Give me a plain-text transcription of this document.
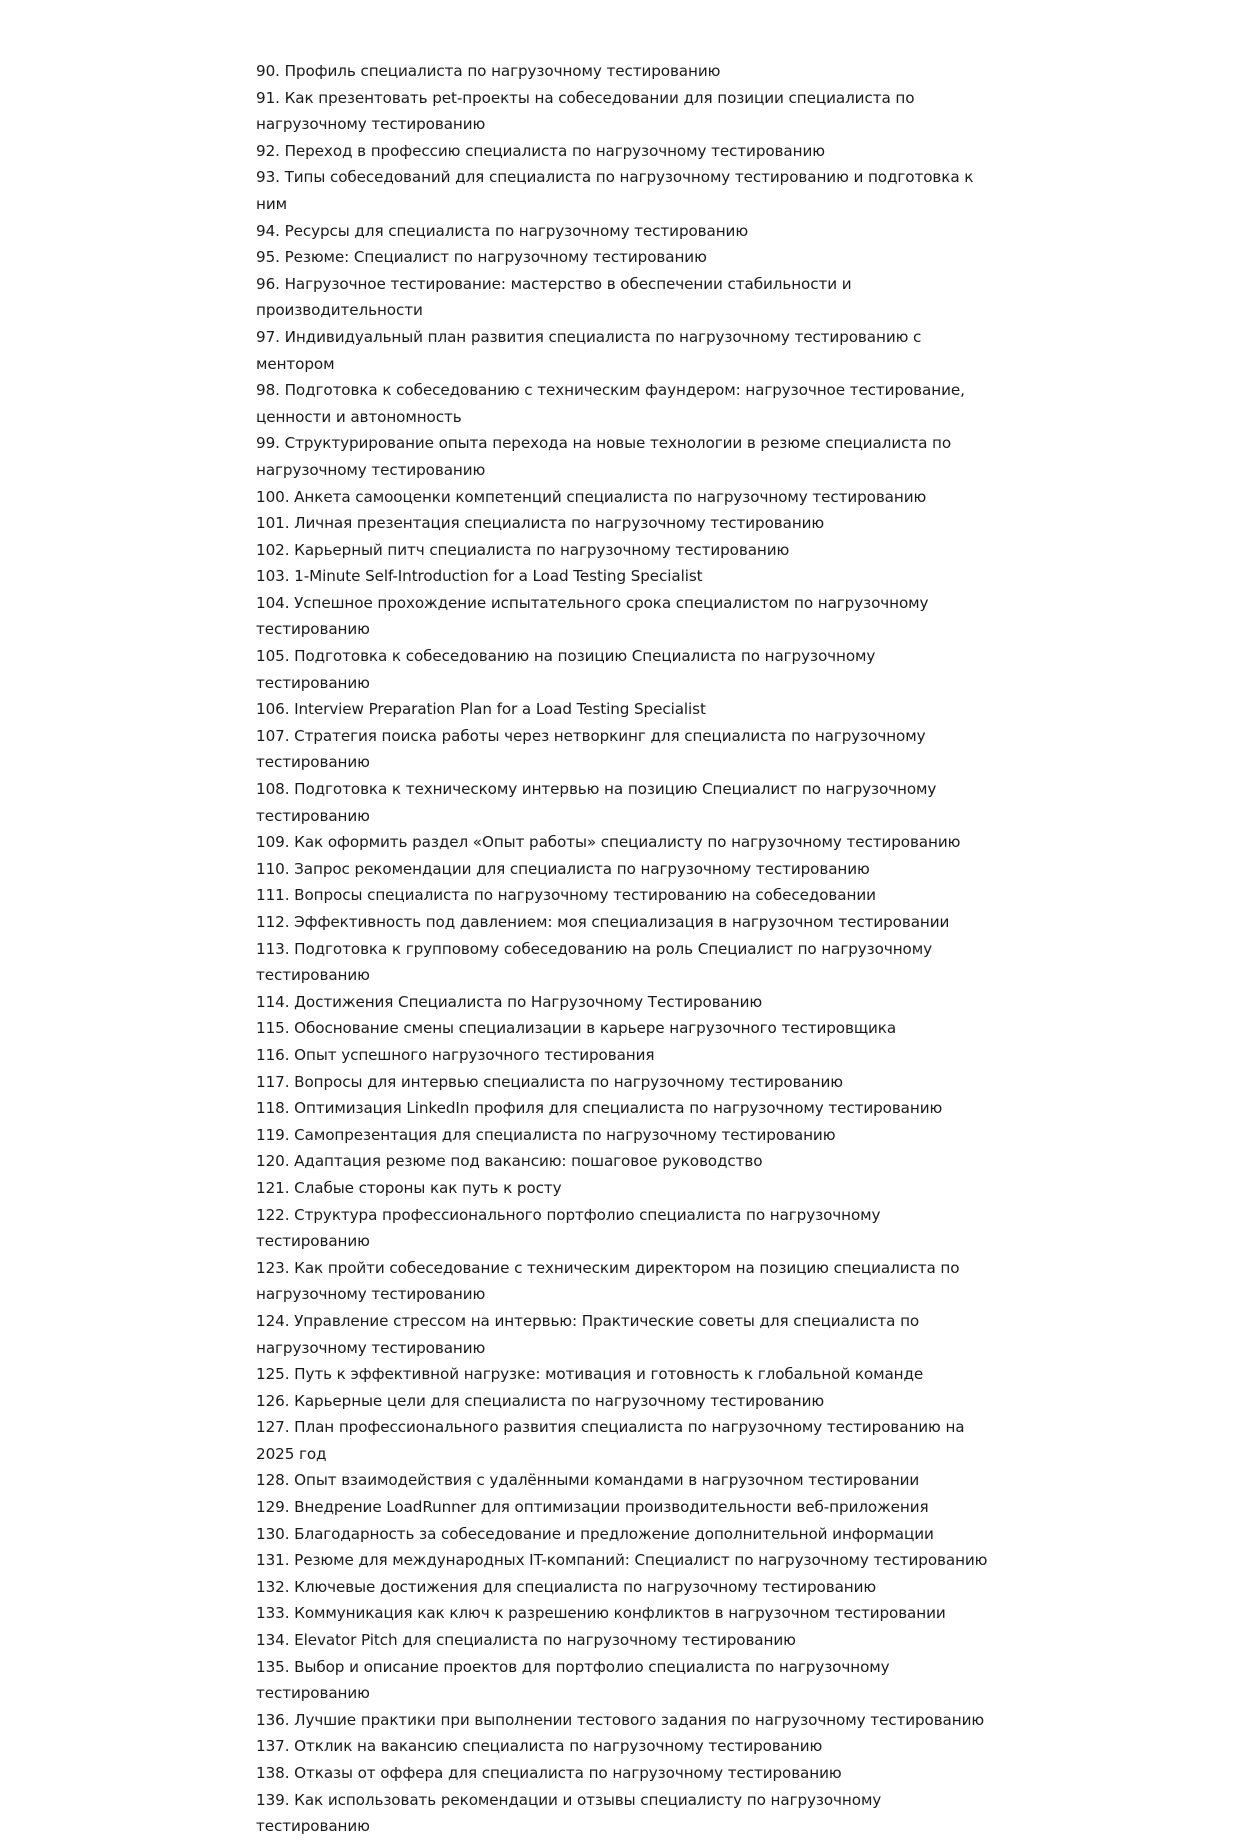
90. Профиль специалиста по нагрузочному тестированию
91. Как презентовать pet-проекты на собеседовании для позиции специалиста по нагрузочному тестированию
92. Переход в профессию специалиста по нагрузочному тестированию
93. Типы собеседований для специалиста по нагрузочному тестированию и подготовка к ним
94. Ресурсы для специалиста по нагрузочному тестированию
95. Резюме: Специалист по нагрузочному тестированию
96. Нагрузочное тестирование: мастерство в обеспечении стабильности и производительности
97. Индивидуальный план развития специалиста по нагрузочному тестированию с ментором
98. Подготовка к собеседованию с техническим фаундером: нагрузочное тестирование, ценности и автономность
99. Структурирование опыта перехода на новые технологии в резюме специалиста по нагрузочному тестированию
100. Анкета самооценки компетенций специалиста по нагрузочному тестированию
101. Личная презентация специалиста по нагрузочному тестированию
102. Карьерный питч специалиста по нагрузочному тестированию
103. 1-Minute Self-Introduction for a Load Testing Specialist
104. Успешное прохождение испытательного срока специалистом по нагрузочному тестированию
105. Подготовка к собеседованию на позицию Специалиста по нагрузочному тестированию
106. Interview Preparation Plan for a Load Testing Specialist
107. Стратегия поиска работы через нетворкинг для специалиста по нагрузочному тестированию
108. Подготовка к техническому интервью на позицию Специалист по нагрузочному тестированию
109. Как оформить раздел «Опыт работы» специалисту по нагрузочному тестированию
110. Запрос рекомендации для специалиста по нагрузочному тестированию
111. Вопросы специалиста по нагрузочному тестированию на собеседовании
112. Эффективность под давлением: моя специализация в нагрузочном тестировании
113. Подготовка к групповому собеседованию на роль Специалист по нагрузочному тестированию
114. Достижения Специалиста по Нагрузочному Тестированию
115. Обоснование смены специализации в карьере нагрузочного тестировщика
116. Опыт успешного нагрузочного тестирования
117. Вопросы для интервью специалиста по нагрузочному тестированию
118. Оптимизация LinkedIn профиля для специалиста по нагрузочному тестированию
119. Самопрезентация для специалиста по нагрузочному тестированию
120. Адаптация резюме под вакансию: пошаговое руководство
121. Слабые стороны как путь к росту
122. Структура профессионального портфолио специалиста по нагрузочному тестированию
123. Как пройти собеседование с техническим директором на позицию специалиста по нагрузочному тестированию
124. Управление стрессом на интервью: Практические советы для специалиста по нагрузочному тестированию
125. Путь к эффективной нагрузке: мотивация и готовность к глобальной команде
126. Карьерные цели для специалиста по нагрузочному тестированию
127. План профессионального развития специалиста по нагрузочному тестированию на 2025 год
128. Опыт взаимодействия с удалёнными командами в нагрузочном тестировании
129. Внедрение LoadRunner для оптимизации производительности веб-приложения
130. Благодарность за собеседование и предложение дополнительной информации
131. Резюме для международных IT-компаний: Специалист по нагрузочному тестированию
132. Ключевые достижения для специалиста по нагрузочному тестированию
133. Коммуникация как ключ к разрешению конфликтов в нагрузочном тестировании
134. Elevator Pitch для специалиста по нагрузочному тестированию
135. Выбор и описание проектов для портфолио специалиста по нагрузочному тестированию
136. Лучшие практики при выполнении тестового задания по нагрузочному тестированию
137. Отклик на вакансию специалиста по нагрузочному тестированию
138. Отказы от оффера для специалиста по нагрузочному тестированию
139. Как использовать рекомендации и отзывы специалисту по нагрузочному тестированию
